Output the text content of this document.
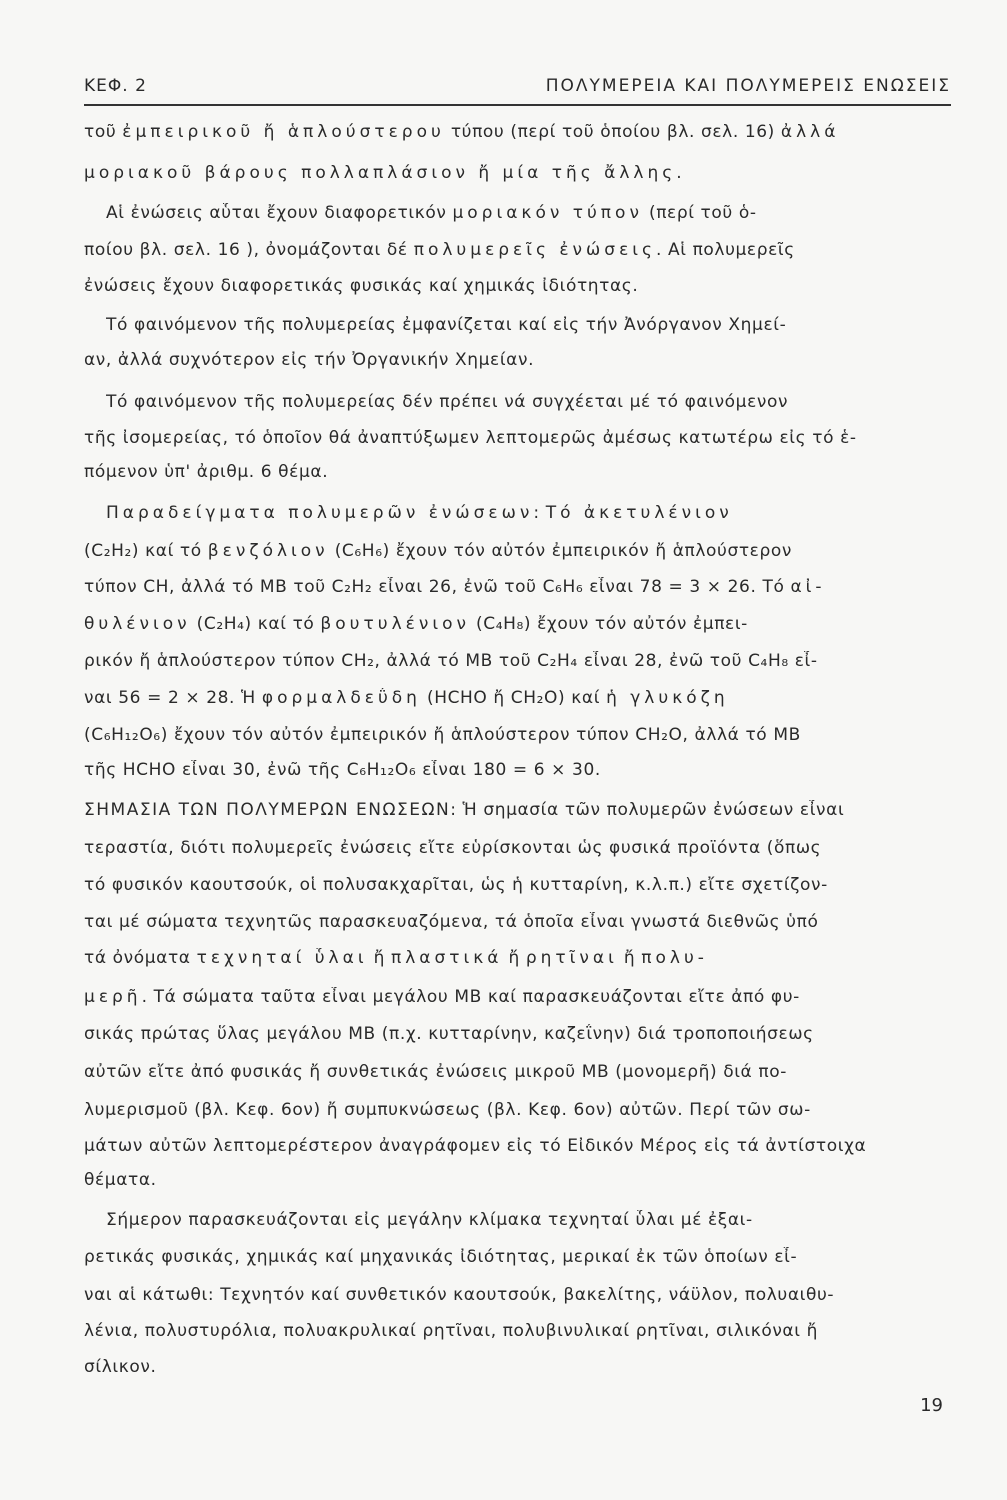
ΚΕΦ. 2	ΠΟΛΥΜΕΡΕΙΑ ΚΑΙ ΠΟΛΥΜΕΡΕΙΣ ΕΝΩΣΕΙΣ
τοῦ ἐμπειρικοῦ ἤ ἁπλούστερου τύπου (περί τοῦ ὁποίου βλ. σελ. 16) ἀλλά
μοριακοῦ βάρους πολλαπλάσιον ἤ μία τῆς ἄλλης.
Αἱ ἐνώσεις αὗται ἔχουν διαφορετικόν μοριακόν τύπον (περί τοῦ ὁ-
ποίου βλ. σελ. 16 ), ὀνομάζονται δέ πολυμερεῖς ἐνώσεις. Αἱ πολυμερεῖς
ἐνώσεις ἔχουν διαφορετικάς φυσικάς καί χημικάς ἰδιότητας.
Τό φαινόμενον τῆς πολυμερείας ἐμφανίζεται καί εἰς τήν Ἀνόργανον Χημεί-
αν, ἀλλά συχνότερον εἰς τήν Ὀργανικήν Χημείαν.
Τό φαινόμενον τῆς πολυμερείας δέν πρέπει νά συγχέεται μέ τό φαινόμενον
τῆς ἰσομερείας, τό ὁποῖον θά ἀναπτύξωμεν λεπτομερῶς ἀμέσως κατωτέρω εἰς τό ἑ-
πόμενον ὑπ' ἀριθμ. 6 θέμα.
Παραδείγματα πολυμερῶν ἐνώσεων: Τό ἀκετυλένιον
(C₂H₂) καί τό βενζόλιον (C₆H₆) ἔχουν τόν αὐτόν ἐμπειρικόν ἤ ἁπλούστερον
τύπον CH, ἀλλά τό ΜΒ τοῦ C₂H₂ εἶναι 26, ἐνῶ τοῦ C₆H₆ εἶναι 78 = 3 × 26. Τό αἰ-
θυλένιον (C₂H₄) καί τό βουτυλένιον (C₄H₈) ἔχουν τόν αὐτόν ἐμπει-
ρικόν ἤ ἁπλούστερον τύπον CH₂, ἀλλά τό ΜΒ τοῦ C₂H₄ εἶναι 28, ἐνῶ τοῦ C₄H₈ εἶ-
ναι 56 = 2 × 28. Ἡ φορμαλδεΰδη (HCHO ἤ CH₂O) καί ἡ γλυκόζη
(C₆H₁₂O₆) ἔχουν τόν αὐτόν ἐμπειρικόν ἤ ἁπλούστερον τύπον CH₂O, ἀλλά τό ΜΒ
τῆς HCHO εἶναι 30, ἐνῶ τῆς C₆H₁₂O₆ εἶναι 180 = 6 × 30.
ΣΗΜΑΣΙΑ ΤΩΝ ΠΟΛΥΜΕΡΩΝ ΕΝΩΣΕΩΝ: Ἡ σημασία τῶν πολυμερῶν ἐνώσεων εἶναι
τεραστία, διότι πολυμερεῖς ἐνώσεις εἴτε εὑρίσκονται ὡς φυσικά προϊόντα (ὅπως
τό φυσικόν καουτσούκ, οἱ πολυσακχαρῖται, ὡς ἡ κυτταρίνη, κ.λ.π.) εἴτε σχετίζον-
ται μέ σώματα τεχνητῶς παρασκευαζόμενα, τά ὁποῖα εἶναι γνωστά διεθνῶς ὑπό
τά ὀνόματα τεχνηταί ὗλαι ἤ πλαστικά ἤ ρητῖναι ἤ πολυ-
μερῆ. Τά σώματα ταῦτα εἶναι μεγάλου ΜΒ καί παρασκευάζονται εἴτε ἀπό φυ-
σικάς πρώτας ὕλας μεγάλου ΜΒ (π.χ. κυτταρίνην, καζεΐνην) διά τροποποιήσεως
αὐτῶν εἴτε ἀπό φυσικάς ἤ συνθετικάς ἐνώσεις μικροῦ ΜΒ (μονομερῆ) διά πο-
λυμερισμοῦ (βλ. Κεφ. 6ον) ἤ συμπυκνώσεως (βλ. Κεφ. 6ον) αὐτῶν. Περί τῶν σω-
μάτων αὐτῶν λεπτομερέστερον ἀναγράφομεν εἰς τό Εἰδικόν Μέρος εἰς τά ἀντίστοιχα
θέματα.
Σήμερον παρασκευάζονται εἰς μεγάλην κλίμακα τεχνηταί ὗλαι μέ ἐξαι-
ρετικάς φυσικάς, χημικάς καί μηχανικάς ἰδιότητας, μερικαί ἐκ τῶν ὁποίων εἶ-
ναι αἱ κάτωθι: Τεχνητόν καί συνθετικόν καουτσούκ, βακελίτης, νάϋλον, πολυαιθυ-
λένια, πολυστυρόλια, πολυακρυλικαί ρητῖναι, πολυβινυλικαί ρητῖναι, σιλικόναι ἤ
σίλικον.
19
